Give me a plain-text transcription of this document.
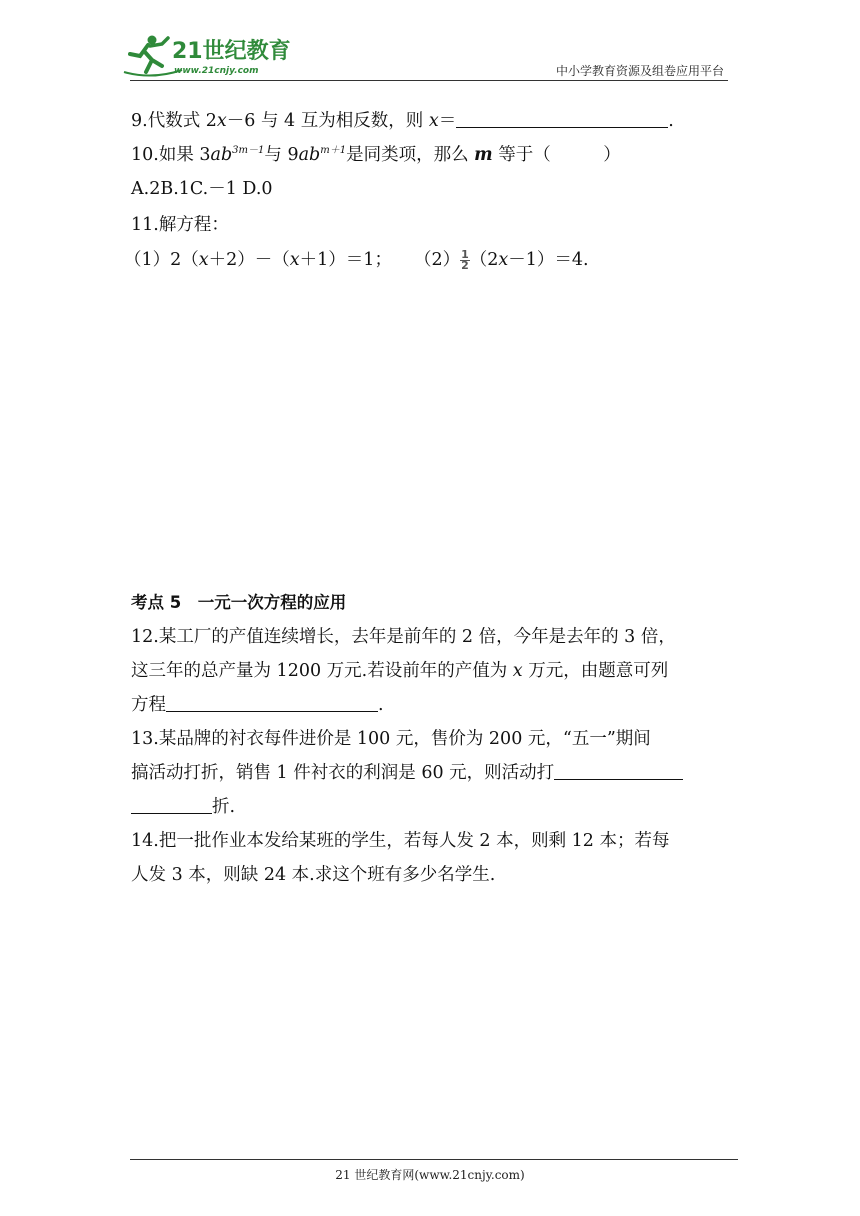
21世纪教育
www.21cnjy.com	中小学教育资源及组卷应用平台
9.代数式 2x－6 与 4 互为相反数，则 x＝	.
10.如果 $3ab^{3m-1}$与 $9ab^{m+1}$是同类项，那么 m 等于（　　　）
A.2B.1C.－1 D.0
11.解方程：
（1）2（x＋2）－（x＋1）＝1； $(2) \frac{1}{2} (2x-1)=4$.
考点 5　一元一次方程的应用
12.某工厂的产值连续增长，去年是前年的 2 倍，今年是去年的 3 倍，
这三年的总产量为 1200 万元.若设前年的产值为 x 万元，由题意可列
方程	.
13.某品牌的衬衣每件进价是 100 元，售价为 200 元，“五一”期间
搞活动打折，销售 1 件衬衣的利润是 60 元，则活动打
折.
14.把一批作业本发给某班的学生，若每人发 2 本，则剩 12 本；若每
人发 3 本，则缺 24 本.求这个班有多少名学生.
21 世纪教育网(www.21cnjy.com)
